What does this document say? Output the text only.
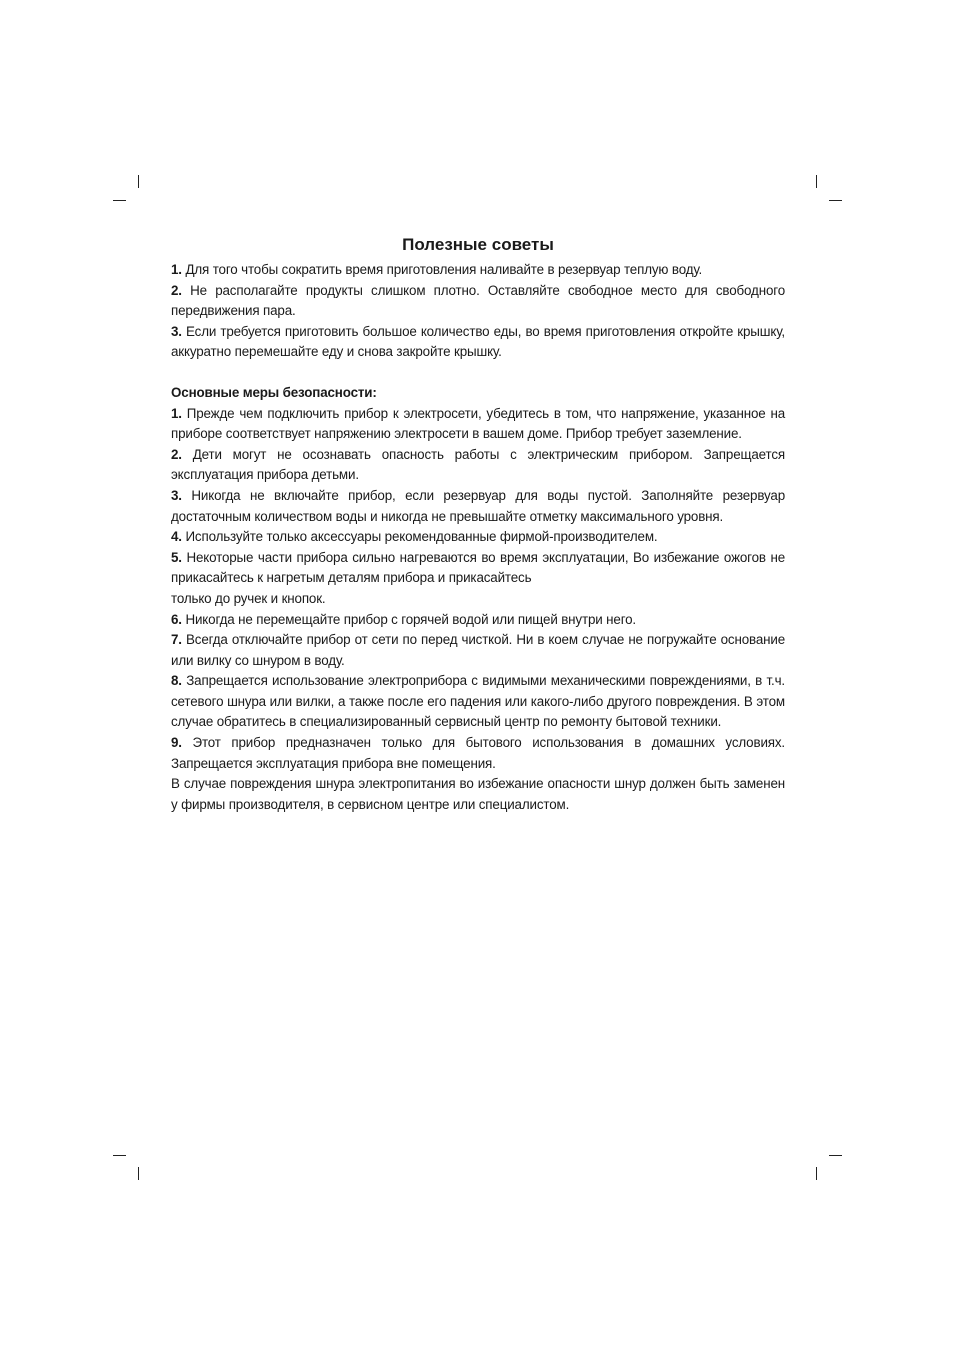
Полезные советы

1. Для того чтобы сократить время приготовления наливайте в резервуар теплую воду.

2. Не располагайте продукты слишком плотно. Оставляйте свободное место для свободного передвижения пара.

3. Если требуется приготовить большое количество еды, во время приготовления откройте крышку, аккуратно перемешайте еду и снова закройте крышку.

Основные меры безопасности:

1. Прежде чем подключить прибор к электросети, убедитесь в том, что напряжение, указанное на приборе соответствует напряжению электросети в вашем доме. Прибор требует заземление.

2. Дети могут не осознавать опасность работы с электрическим прибором. Запрещается эксплуатация прибора детьми.

3. Никогда не включайте прибор, если резервуар для воды пустой. Заполняйте резервуар достаточным количеством воды и никогда не превышайте отметку максимального уровня.

4. Используйте только аксессуары рекомендованные фирмой-производителем.

5. Некоторые части прибора сильно нагреваются во время эксплуатации, Во избежание ожогов не прикасайтесь к нагретым деталям прибора и прикасайтесь

только до ручек и кнопок.

6. Никогда не перемещайте прибор с горячей водой или пищей внутри него.

7. Всегда отключайте прибор от сети по перед чисткой. Ни в коем случае не погружайте основание или вилку со шнуром в воду.

8. Запрещается использование электроприбора с видимыми механическими повреждениями, в т.ч. сетевого шнура или вилки, а также после его падения или какого-либо другого повреждения. В этом случае обратитесь в специализированный сервисный центр по ремонту бытовой техники.

9. Этот прибор предназначен только для бытового использования в домашних условиях. Запрещается эксплуатация прибора вне помещения.

В случае повреждения шнура электропитания во избежание опасности шнур должен быть заменен у фирмы производителя, в сервисном центре или специалистом.
